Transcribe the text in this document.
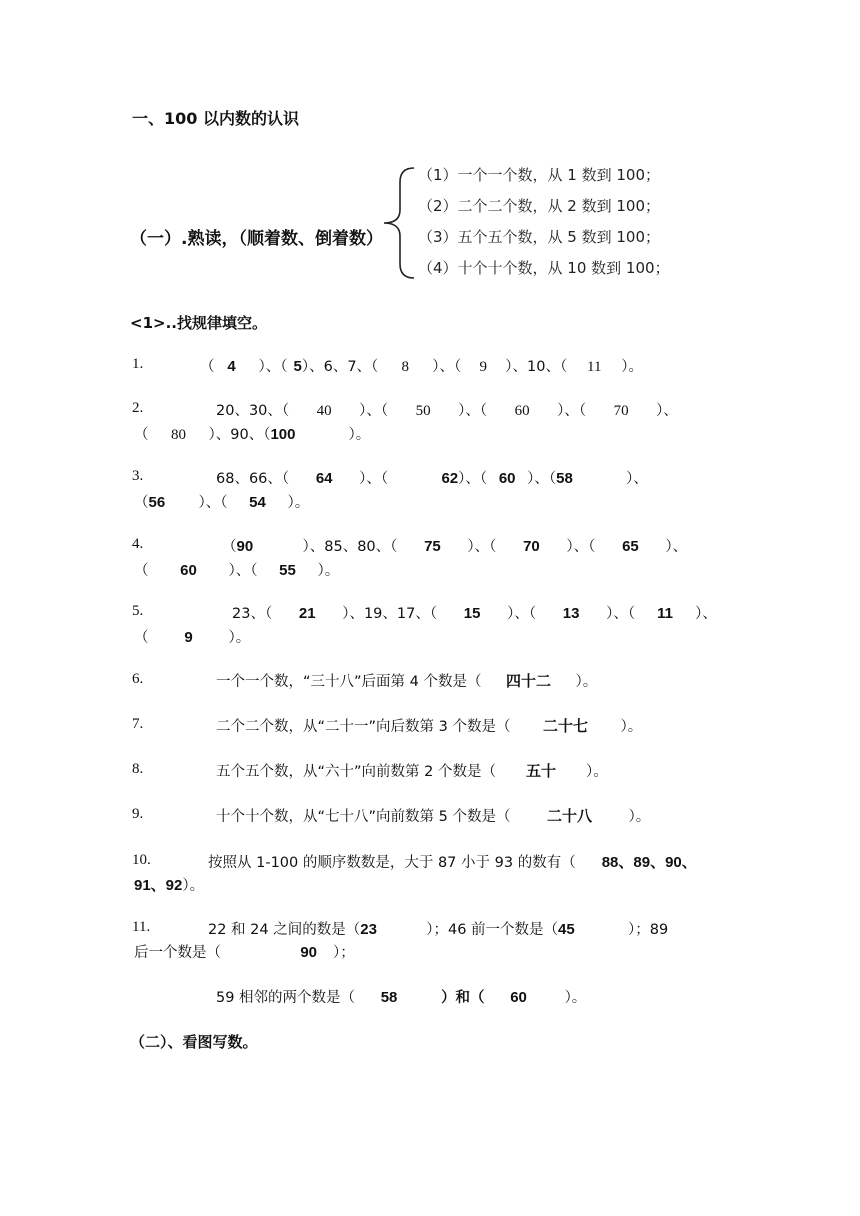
一、100 以内数的认识
（一）.熟读，（顺着数、倒着数）
（1）一个一个数，从 1 数到 100；
（2）二个二个数，从 2 数到 100；
（3）五个五个数，从 5 数到 100；
（4）十个十个数，从 10 数到 100；
<1>..找规律填空。
1.	（ 4 ）、（ 5）、6、7、（ 8 ）、（ 9 ）、10、（ 11 ）。
2.	20、30、（ 40 ）、（ 50 ）、（ 60 ）、（ 70 ）、
（ 80 ）、90、（100	）。
3.	68、66、（ 64 ）、（	62）、（ 60 ）、（58	）、
（56 ）、（ 54 ）。
4.	（90	）、85、80、（ 75 ）、（ 70 ）、（ 65 ）、
（ 60 ）、（ 55 ）。
5.	23、（ 21 ）、19、17、（ 15 ）、（ 13 ）、（ 11 ）、
（ 9 ）。
6.	一个一个数，“三十八”后面第 4 个数是（ 四十二 ）。
7.	二个二个数，从“二十一”向后数第 3 个数是（ 二十七 ）。
8.	五个五个数，从“六十”向前数第 2 个数是（ 五十 ）。
9.	十个十个数，从“七十八”向前数第 5 个数是（ 二十八	）。
10.	按照从 1-100 的顺序数数是，大于 87 小于 93 的数有（ 88、89、90、
91、92）。
11.	22 和 24 之间的数是（23	）；46 前一个数是（45	）；89
后一个数是（	90 ）；
59 相邻的两个数是（ 58	）和（ 60	）。
（二）、看图写数。
